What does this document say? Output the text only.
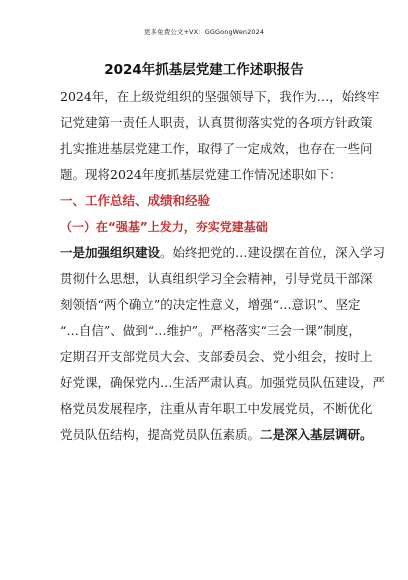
更多免费公文+VX：GGGongWen2024
2024年抓基层党建工作述职报告

2024年，在上级党组织的坚强领导下，我作为…，始终牢

记党建第一责任人职责，认真贯彻落实党的各项方针政策

扎实推进基层党建工作，取得了一定成效，也存在一些问

题。现将2024年度抓基层党建工作情况述职如下：

一、工作总结、成绩和经验

（一）在“强基”上发力，夯实党建基础

一是加强组织建设。始终把党的…建设摆在首位，深入学习

贯彻什么思想，认真组织学习全会精神，引导党员干部深

刻领悟“两个确立”的决定性意义，增强“…意识”、坚定

“…自信”、做到“…维护”。严格落实“三会一课”制度，

定期召开支部党员大会、支部委员会、党小组会，按时上

好党课，确保党内…生活严肃认真。加强党员队伍建设，严

格党员发展程序，注重从青年职工中发展党员，不断优化

党员队伍结构，提高党员队伍素质。二是深入基层调研。
